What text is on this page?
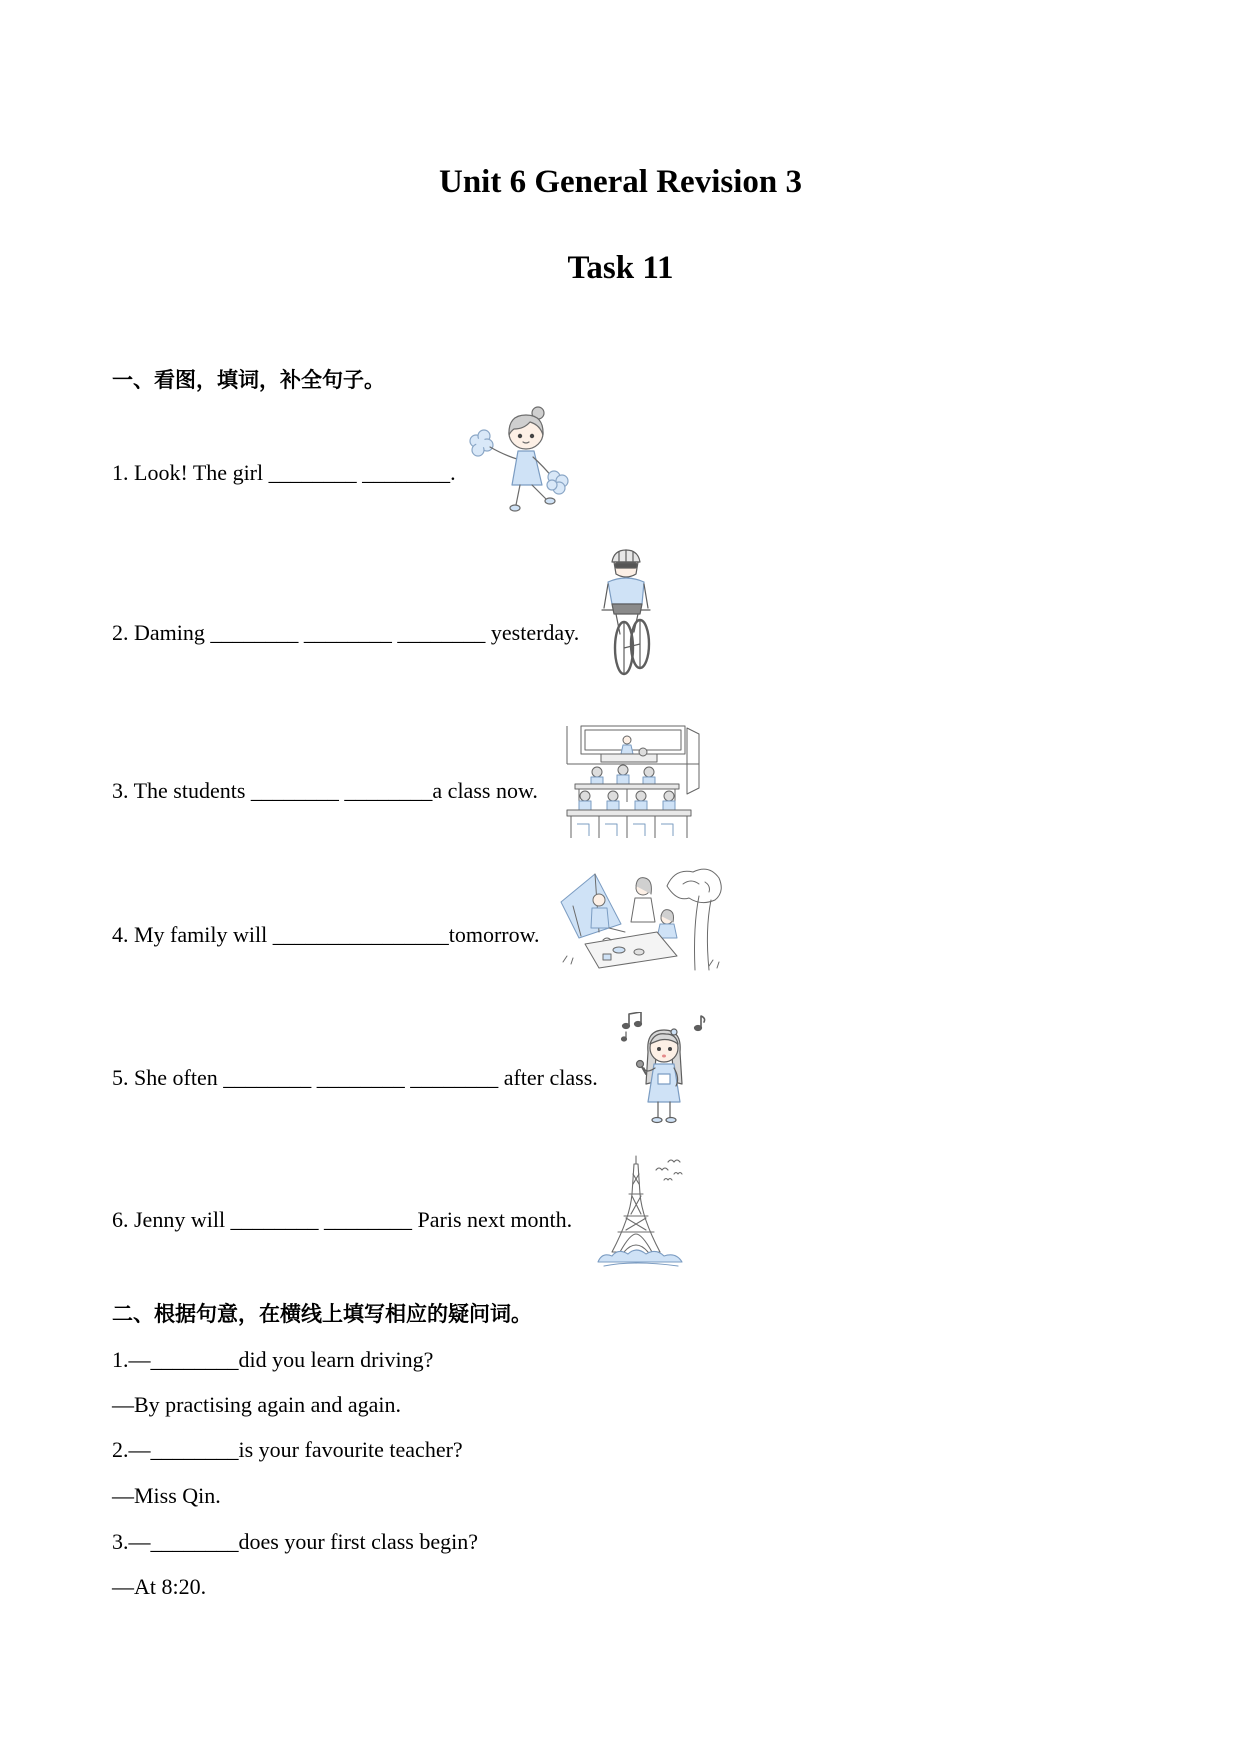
Unit 6 General Revision 3
Task 11

一、看图，填词，补全句子。

1. Look! The girl ________ ________.

2. Daming ________ ________ ________ yesterday.

3. The students ________ ________a class now.

4. My family will ________________tomorrow.

5. She often ________ ________ ________ after class.

6. Jenny will ________ ________ Paris next month.

二、根据句意，在横线上填写相应的疑问词。

1.—________did you learn driving?

—By practising again and again.

2.—________is your favourite teacher?

—Miss Qin.

3.—________does your first class begin?

—At 8:20.
